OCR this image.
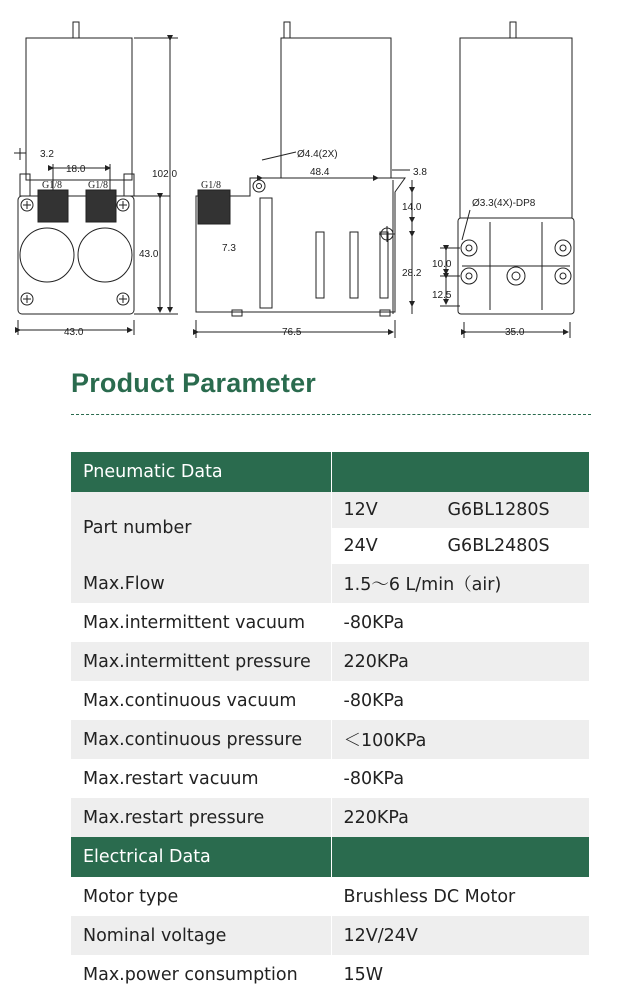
3.2
18.0	102.0
43.0
43.0
G1/8	G1/8	G1/8
7.3
Ø4.4(2X)
48.4	3.8
14.0
28.2
76.5
Ø3.3(4X)-DP8
10.0
12.5
35.0
Product Parameter
Pneumatic Data	
Part number	12V G6BL1280S
	24V G6BL2480S
Max.Flow	1.5～6 L/min（air)
Max.intermittent vacuum	-80KPa
Max.intermittent pressure	220KPa
Max.continuous vacuum	-80KPa
Max.continuous pressure	＜100KPa
Max.restart vacuum	-80KPa
Max.restart pressure	220KPa
Electrical Data	
Motor type	Brushless DC Motor
Nominal voltage	12V/24V
Max.power consumption	15W
